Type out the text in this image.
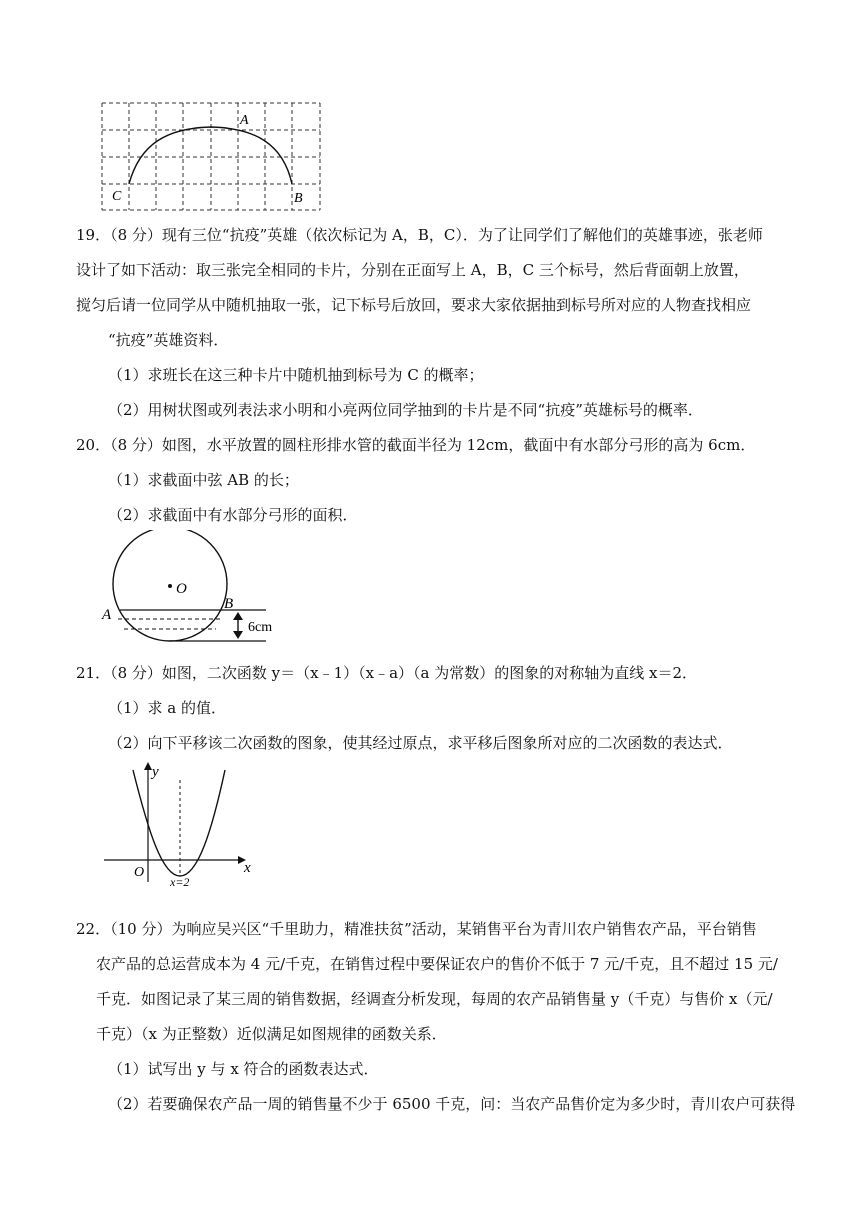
A
C	B
19．（8 分）现有三位“抗疫”英雄（依次标记为 A，B，C）．为了让同学们了解他们的英雄事迹，张老师
设计了如下活动：取三张完全相同的卡片，分别在正面写上 A，B，C 三个标号，然后背面朝上放置，
搅匀后请一位同学从中随机抽取一张，记下标号后放回，要求大家依据抽到标号所对应的人物查找相应
“抗疫”英雄资料．
（1）求班长在这三种卡片中随机抽到标号为 C 的概率；
（2）用树状图或列表法求小明和小亮两位同学抽到的卡片是不同“抗疫”英雄标号的概率．
20．（8 分）如图，水平放置的圆柱形排水管的截面半径为 12cm，截面中有水部分弓形的高为 6cm．
（1）求截面中弦 AB 的长；
（2）求截面中有水部分弓形的面积．
O
A
B
6cm
21．（8 分）如图，二次函数 y＝（x﹣1）（x﹣a）（a 为常数）的图象的对称轴为直线 x＝2．
（1）求 a 的值．
（2）向下平移该二次函数的图象，使其经过原点，求平移后图象所对应的二次函数的表达式．
y
x
O
x=2
22．（10 分）为响应吴兴区“千里助力，精准扶贫”活动，某销售平台为青川农户销售农产品，平台销售
农产品的总运营成本为 4 元/千克，在销售过程中要保证农户的售价不低于 7 元/千克，且不超过 15 元/
千克．如图记录了某三周的销售数据，经调查分析发现，每周的农产品销售量 y（千克）与售价 x（元/
千克）（x 为正整数）近似满足如图规律的函数关系．
（1）试写出 y 与 x 符合的函数表达式．
（2）若要确保农产品一周的销售量不少于 6500 千克，问：当农产品售价定为多少时，青川农户可获得
